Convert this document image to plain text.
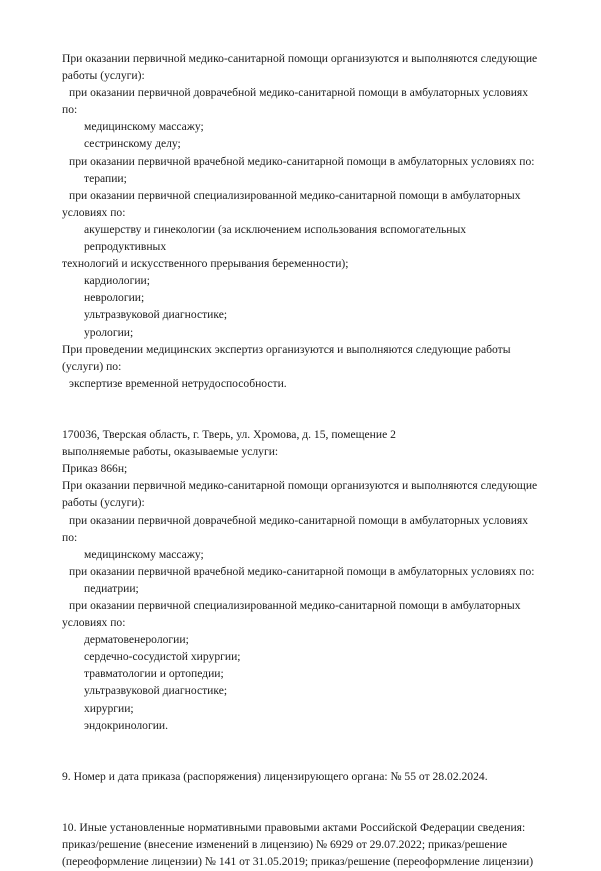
При оказании первичной медико-санитарной помощи организуются и выполняются следующие
работы (услуги):
при оказании первичной доврачебной медико-санитарной помощи в амбулаторных условиях
по:
медицинскому массажу;
сестринскому делу;
при оказании первичной врачебной медико-санитарной помощи в амбулаторных условиях по:
терапии;
при оказании первичной специализированной медико-санитарной помощи в амбулаторных
условиях по:
акушерству и гинекологии (за исключением использования вспомогательных репродуктивных
технологий и искусственного прерывания беременности);
кардиологии;
неврологии;
ультразвуковой диагностике;
урологии;
При проведении медицинских экспертиз организуются и выполняются следующие работы
(услуги) по:
экспертизе временной нетрудоспособности.
170036, Тверская область, г. Тверь, ул. Хромова, д. 15, помещение 2
выполняемые работы, оказываемые услуги:
Приказ 866н;
При оказании первичной медико-санитарной помощи организуются и выполняются следующие
работы (услуги):
при оказании первичной доврачебной медико-санитарной помощи в амбулаторных условиях
по:
медицинскому массажу;
при оказании первичной врачебной медико-санитарной помощи в амбулаторных условиях по:
педиатрии;
при оказании первичной специализированной медико-санитарной помощи в амбулаторных
условиях по:
дерматовенерологии;
сердечно-сосудистой хирургии;
травматологии и ортопедии;
ультразвуковой диагностике;
хирургии;
эндокринологии.
9. Номер и дата приказа (распоряжения) лицензирующего органа: № 55 от 28.02.2024.
10. Иные установленные нормативными правовыми актами Российской Федерации сведения:
приказ/решение (внесение изменений в лицензию) № 6929 от 29.07.2022; приказ/решение
(переоформление лицензии) № 141 от 31.05.2019; приказ/решение (переоформление лицензии)
